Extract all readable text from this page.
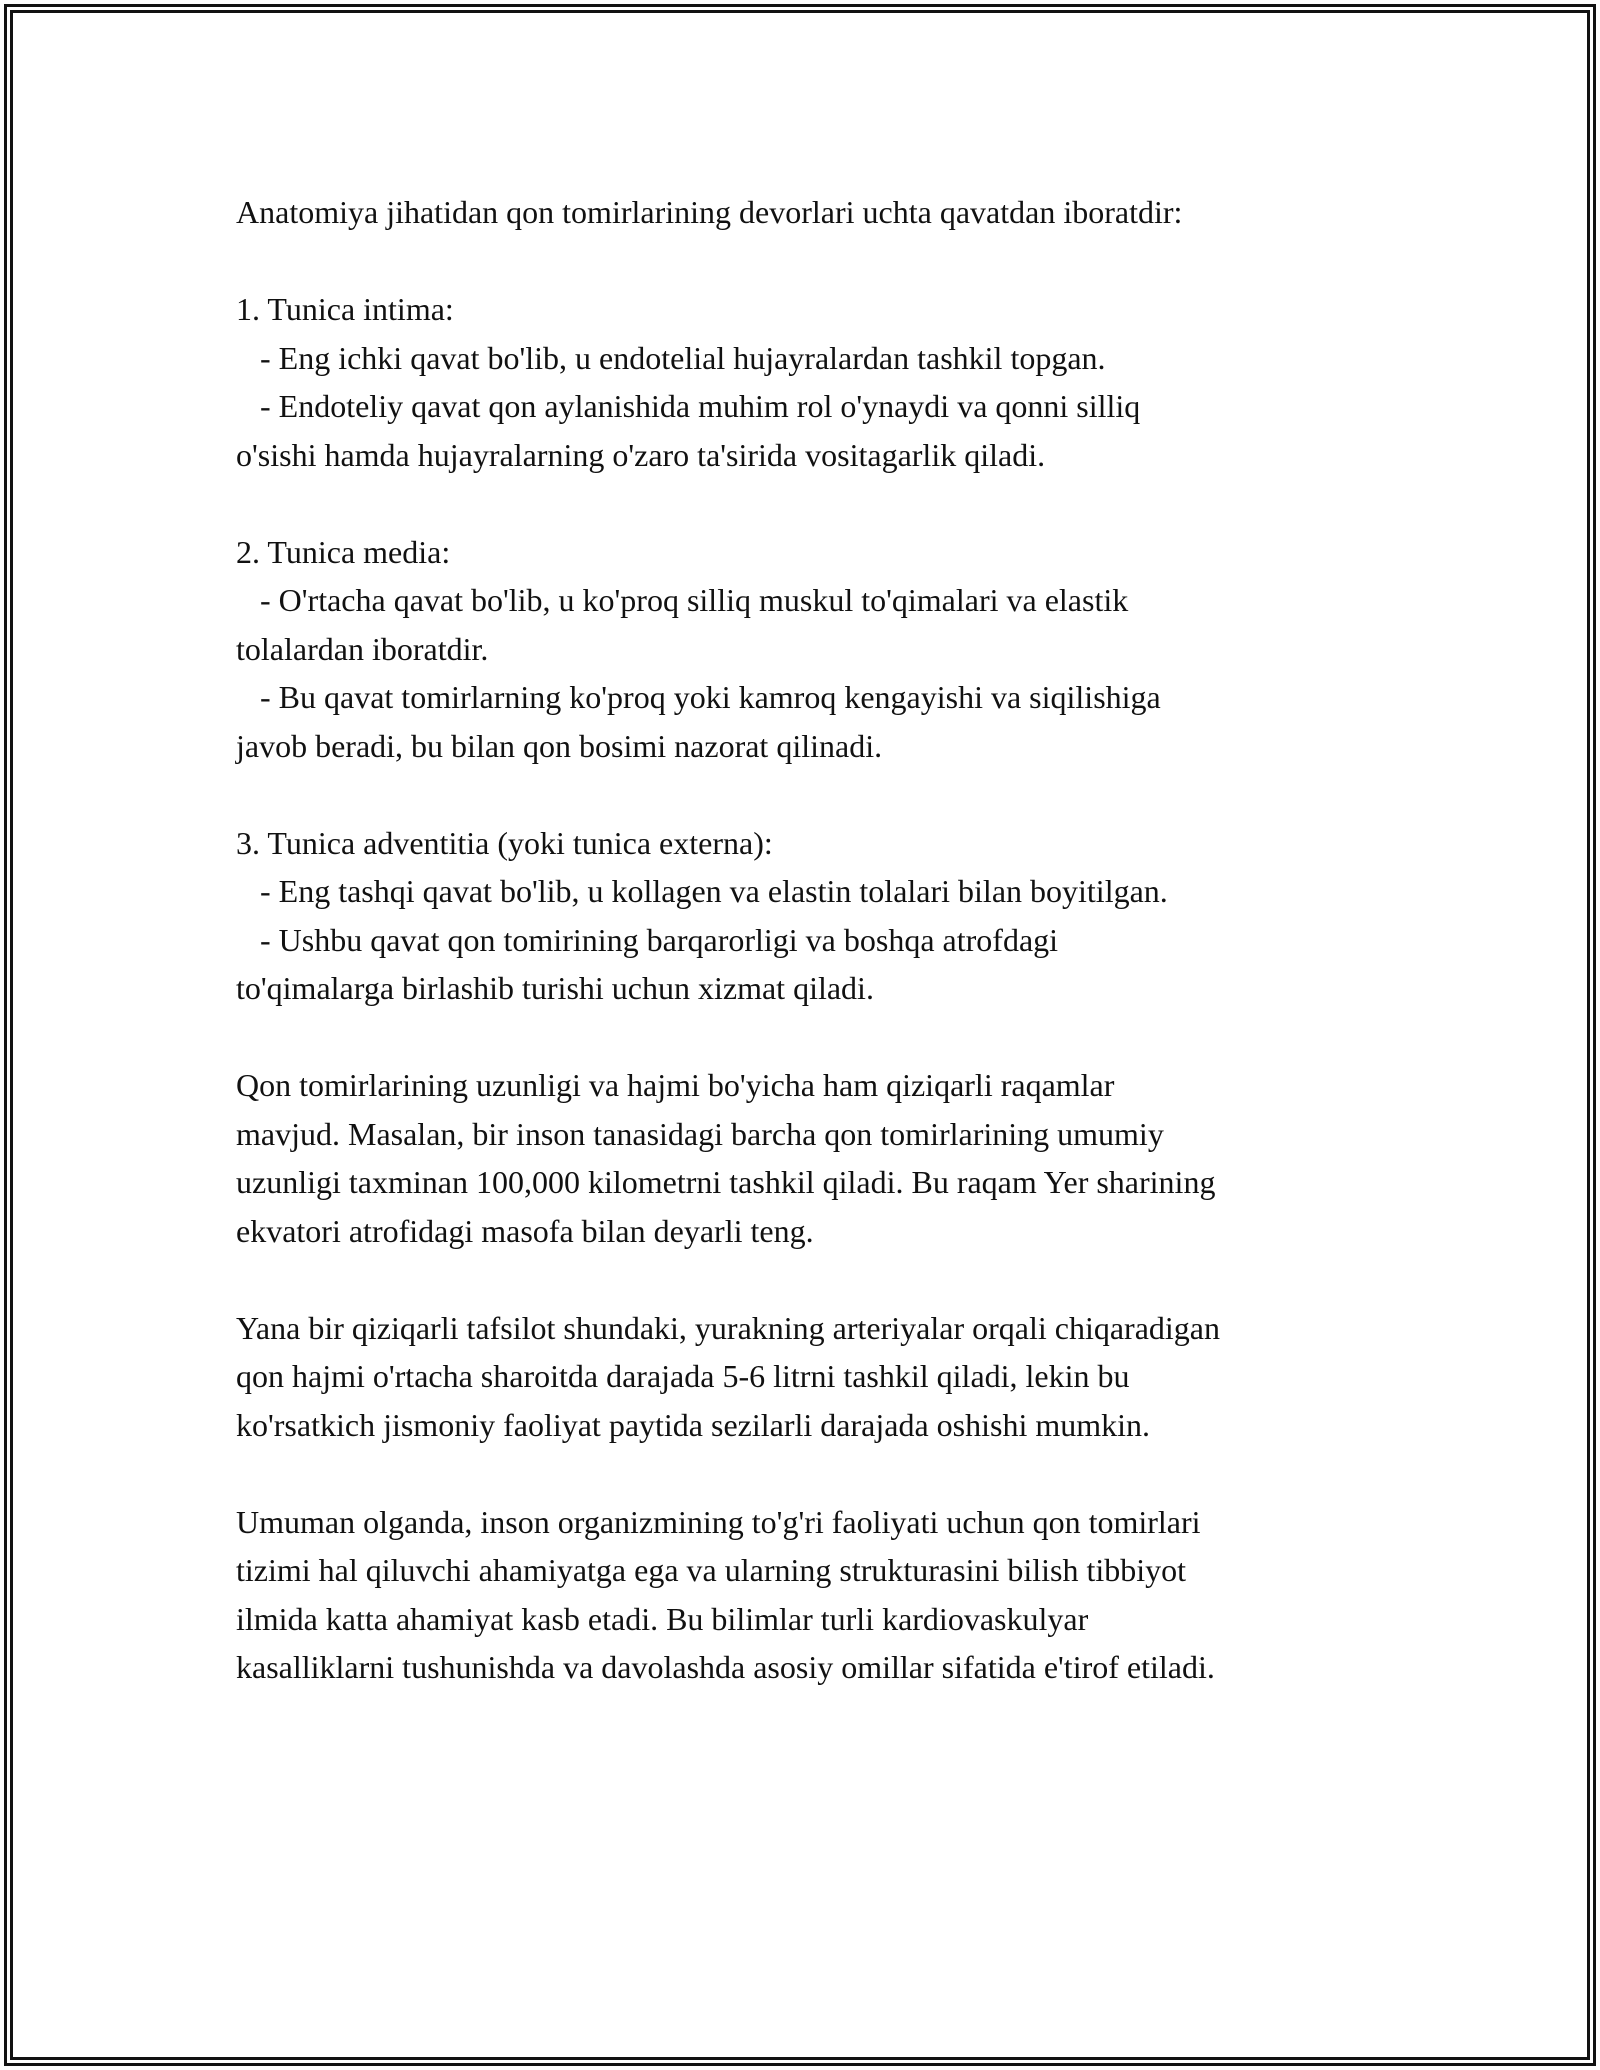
Anatomiya jihatidan qon tomirlarining devorlari uchta qavatdan iboratdir:

1. Tunica intima:

- Eng ichki qavat bo'lib, u endotelial hujayralardan tashkil topgan.

- Endoteliy qavat qon aylanishida muhim rol o'ynaydi va qonni silliq

o'sishi hamda hujayralarning o'zaro ta'sirida vositagarlik qiladi.

2. Tunica media:

- O'rtacha qavat bo'lib, u ko'proq silliq muskul to'qimalari va elastik

tolalardan iboratdir.

- Bu qavat tomirlarning ko'proq yoki kamroq kengayishi va siqilishiga

javob beradi, bu bilan qon bosimi nazorat qilinadi.

3. Tunica adventitia (yoki tunica externa):

- Eng tashqi qavat bo'lib, u kollagen va elastin tolalari bilan boyitilgan.

- Ushbu qavat qon tomirining barqarorligi va boshqa atrofdagi

to'qimalarga birlashib turishi uchun xizmat qiladi.

Qon tomirlarining uzunligi va hajmi bo'yicha ham qiziqarli raqamlar

mavjud. Masalan, bir inson tanasidagi barcha qon tomirlarining umumiy

uzunligi taxminan 100,000 kilometrni tashkil qiladi. Bu raqam Yer sharining

ekvatori atrofidagi masofa bilan deyarli teng.

Yana bir qiziqarli tafsilot shundaki, yurakning arteriyalar orqali chiqaradigan

qon hajmi o'rtacha sharoitda darajada 5-6 litrni tashkil qiladi, lekin bu

ko'rsatkich jismoniy faoliyat paytida sezilarli darajada oshishi mumkin.

Umuman olganda, inson organizmining to'g'ri faoliyati uchun qon tomirlari

tizimi hal qiluvchi ahamiyatga ega va ularning strukturasini bilish tibbiyot

ilmida katta ahamiyat kasb etadi. Bu bilimlar turli kardiovaskulyar

kasalliklarni tushunishda va davolashda asosiy omillar sifatida e'tirof etiladi.
